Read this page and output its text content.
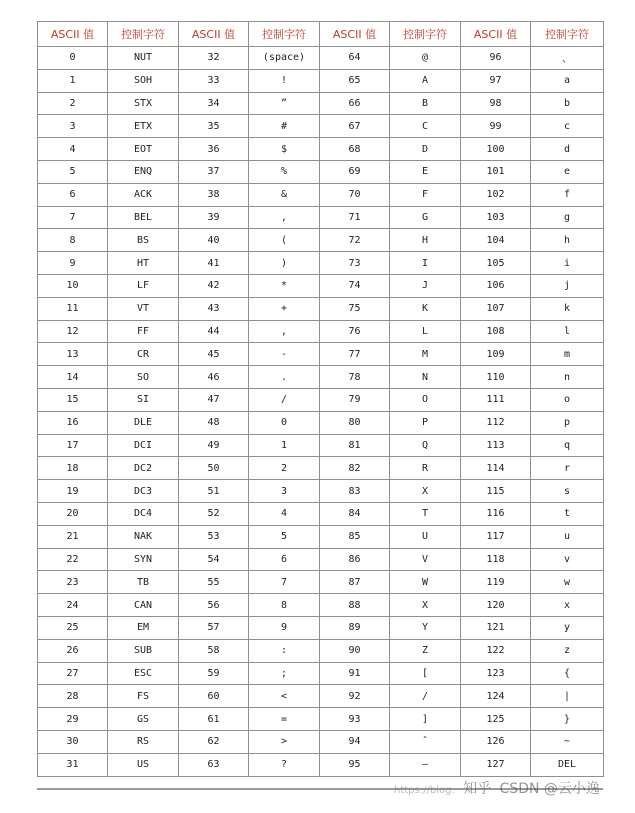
ASCII 值	控制字符	ASCII 值	控制字符	ASCII 值	控制字符	ASCII 值	控制字符
0	NUT	32	(space)	64	@	96	、
1	SOH	33	!	65	A	97	a
2	STX	34	”	66	B	98	b
3	ETX	35	#	67	C	99	c
4	EOT	36	$	68	D	100	d
5	ENQ	37	%	69	E	101	e
6	ACK	38	&	70	F	102	f
7	BEL	39	,	71	G	103	g
8	BS	40	(	72	H	104	h
9	HT	41	)	73	I	105	i
10	LF	42	*	74	J	106	j
11	VT	43	+	75	K	107	k
12	FF	44	,	76	L	108	l
13	CR	45	-	77	M	109	m
14	SO	46	.	78	N	110	n
15	SI	47	/	79	O	111	o
16	DLE	48	0	80	P	112	p
17	DCI	49	1	81	Q	113	q
18	DC2	50	2	82	R	114	r
19	DC3	51	3	83	X	115	s
20	DC4	52	4	84	T	116	t
21	NAK	53	5	85	U	117	u
22	SYN	54	6	86	V	118	v
23	TB	55	7	87	W	119	w
24	CAN	56	8	88	X	120	x
25	EM	57	9	89	Y	121	y
26	SUB	58	:	90	Z	122	z
27	ESC	59	;	91	[	123	{
28	FS	60	<	92	/	124	|
29	GS	61	=	93	]	125	}
30	RS	62	>	94	ˆ	126	~
31	US	63	?	95	—	127	DEL
https://blog. 知乎 CSDN @云小逸
